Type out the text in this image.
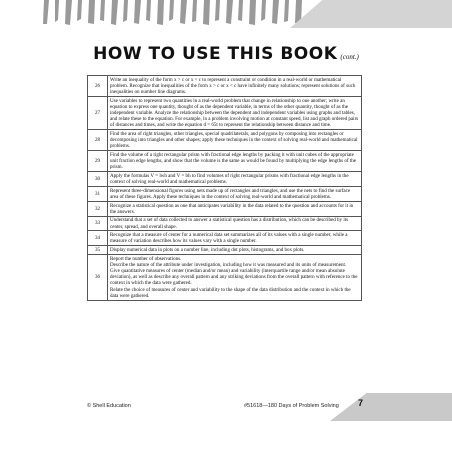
HOW TO USE THIS BOOK (cont.)
26	Write an inequality of the form x > c or x < c to represent a constraint or condition in a real-world or mathematical problem. Recognize that inequalities of the form x > c or x < c have infinitely many solutions; represent solutions of such inequalities on number line diagrams.
27	Use variables to represent two quantities in a real-world problem that change in relationship to one another; write an equation to express one quantity, thought of as the dependent variable, in terms of the other quantity, thought of as the independent variable. Analyze the relationship between the dependent and independent variables using graphs and tables, and relate these to the equation. For example, in a problem involving motion at constant speed, list and graph ordered pairs of distances and times, and write the equation d = 65t to represent the relationship between distance and time.
28	Find the area of right triangles, other triangles, special quadrilaterals, and polygons by composing into rectangles or decomposing into triangles and other shapes; apply these techniques in the context of solving real-world and mathematical problems.
29	Find the volume of a right rectangular prism with fractional edge lengths by packing it with unit cubes of the appropriate unit fraction edge lengths, and show that the volume is the same as would be found by multiplying the edge lengths of the prism.
30	Apply the formulas V = lwh and V = bh to find volumes of right rectangular prisms with fractional edge lengths in the context of solving real-world and mathematical problems.
31	Represent three-dimensional figures using nets made up of rectangles and triangles, and use the nets to find the surface area of these figures. Apply these techniques in the context of solving real-world and mathematical problems.
32	Recognize a statistical question as one that anticipates variability in the data related to the question and accounts for it in the answers.
33	Understand that a set of data collected to answer a statistical question has a distribution, which can be described by its center, spread, and overall shape.
34	Recognize that a measure of center for a numerical data set summarizes all of its values with a single number, while a measure of variation describes how its values vary with a single number.
35	Display numerical data in plots on a number line, including dot plots, histograms, and box plots.
36	Report the number of observations.
Describe the nature of the attribute under investigation, including how it was measured and its units of measurement.
Give quantitative measures of center (median and/or mean) and variability (interquartile range and/or mean absolute deviation), as well as describe any overall pattern and any striking deviations from the overall pattern with reference to the context in which the data were gathered.
Relate the choice of measures of center and variability to the shape of the data distribution and the context in which the data were gathered.
© Shell Education	#51618—180 Days of Problem Solving 7
